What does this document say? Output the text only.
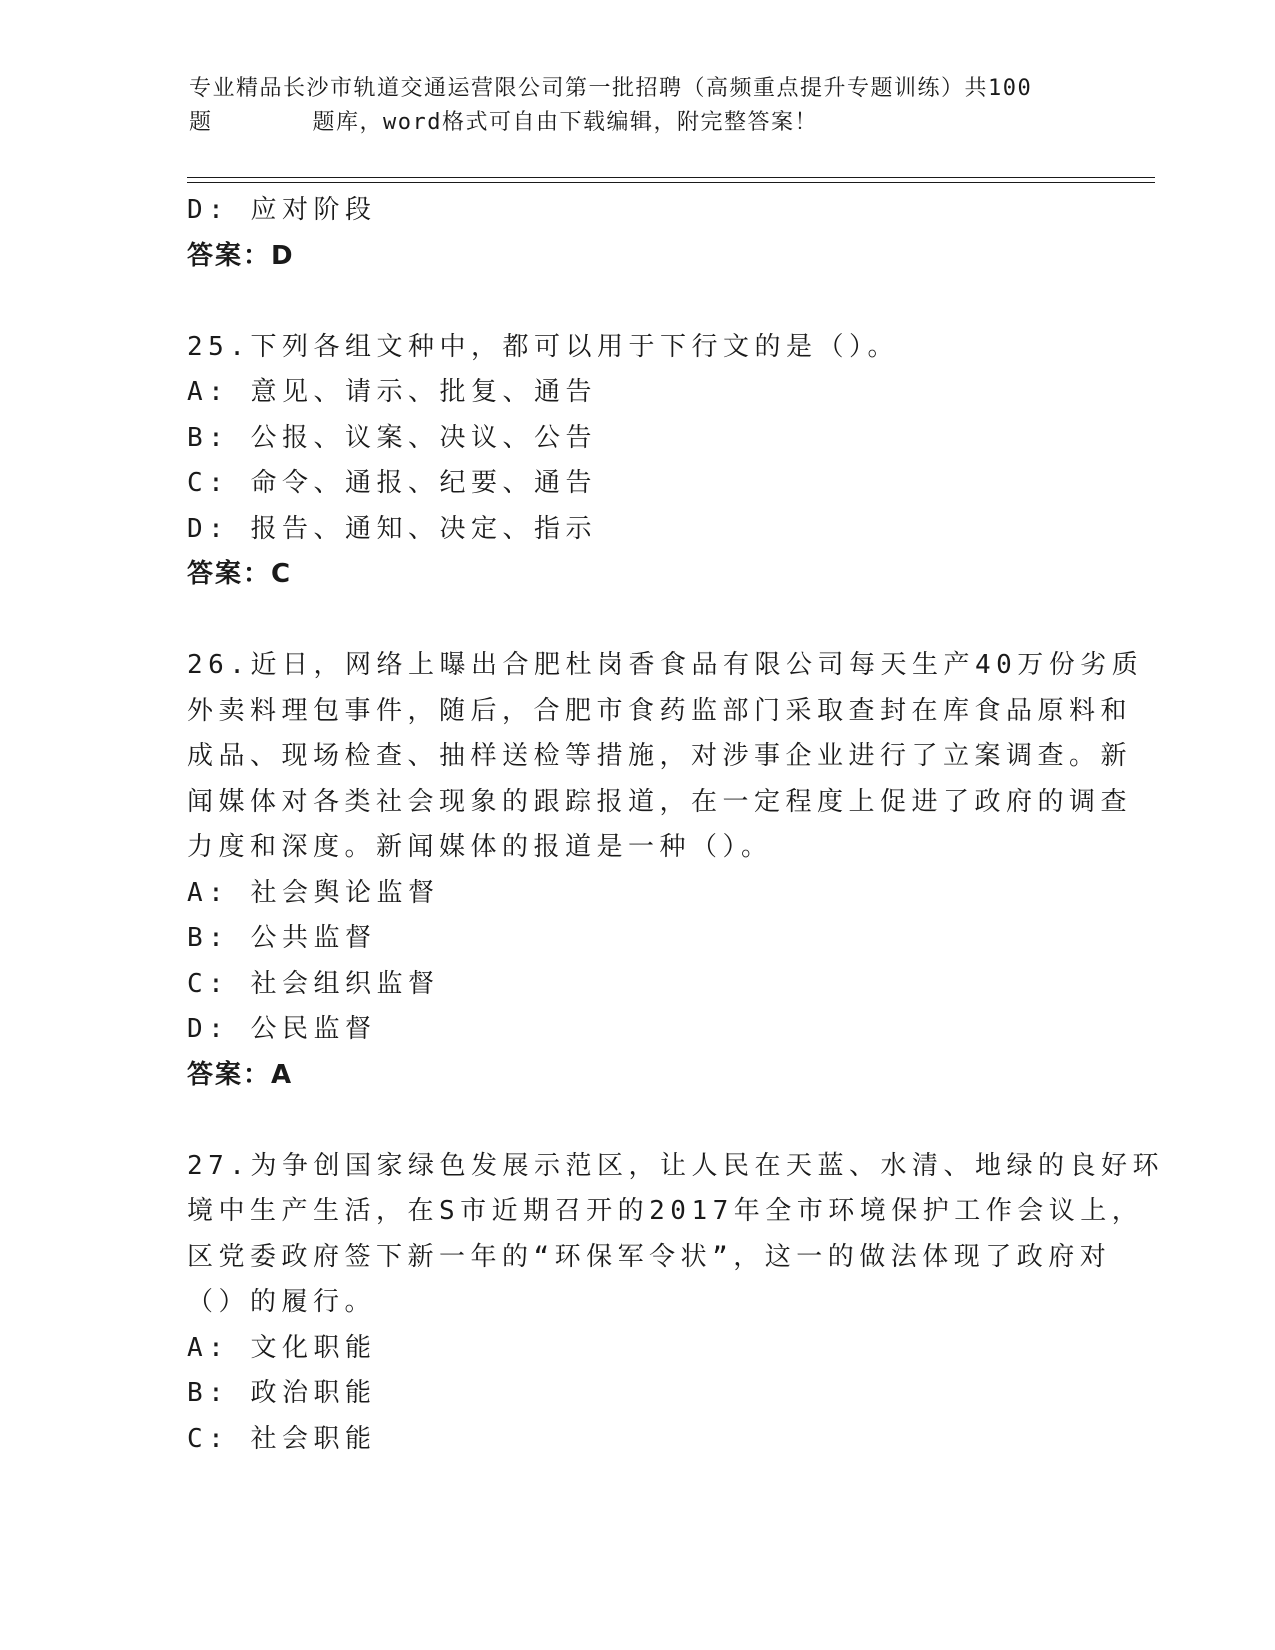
专业精品长沙市轨道交通运营限公司第一批招聘（高频重点提升专题训练）共100
题	题库，word格式可自由下载编辑，附完整答案！
D: 应对阶段
答案：D
25.下列各组文种中，都可以用于下行文的是（）。
A: 意见、请示、批复、通告
B: 公报、议案、决议、公告
C: 命令、通报、纪要、通告
D: 报告、通知、决定、指示
答案：C
26.近日，网络上曝出合肥杜岗香食品有限公司每天生产40万份劣质
外卖料理包事件，随后，合肥市食药监部门采取查封在库食品原料和
成品、现场检查、抽样送检等措施，对涉事企业进行了立案调查。新
闻媒体对各类社会现象的跟踪报道，在一定程度上促进了政府的调查
力度和深度。新闻媒体的报道是一种（）。
A: 社会舆论监督
B: 公共监督
C: 社会组织监督
D: 公民监督
答案：A
27.为争创国家绿色发展示范区，让人民在天蓝、水清、地绿的良好环
境中生产生活，在S市近期召开的2017年全市环境保护工作会议上，
区党委政府签下新一年的“环保军令状”，这一的做法体现了政府对
（）的履行。
A: 文化职能
B: 政治职能
C: 社会职能
